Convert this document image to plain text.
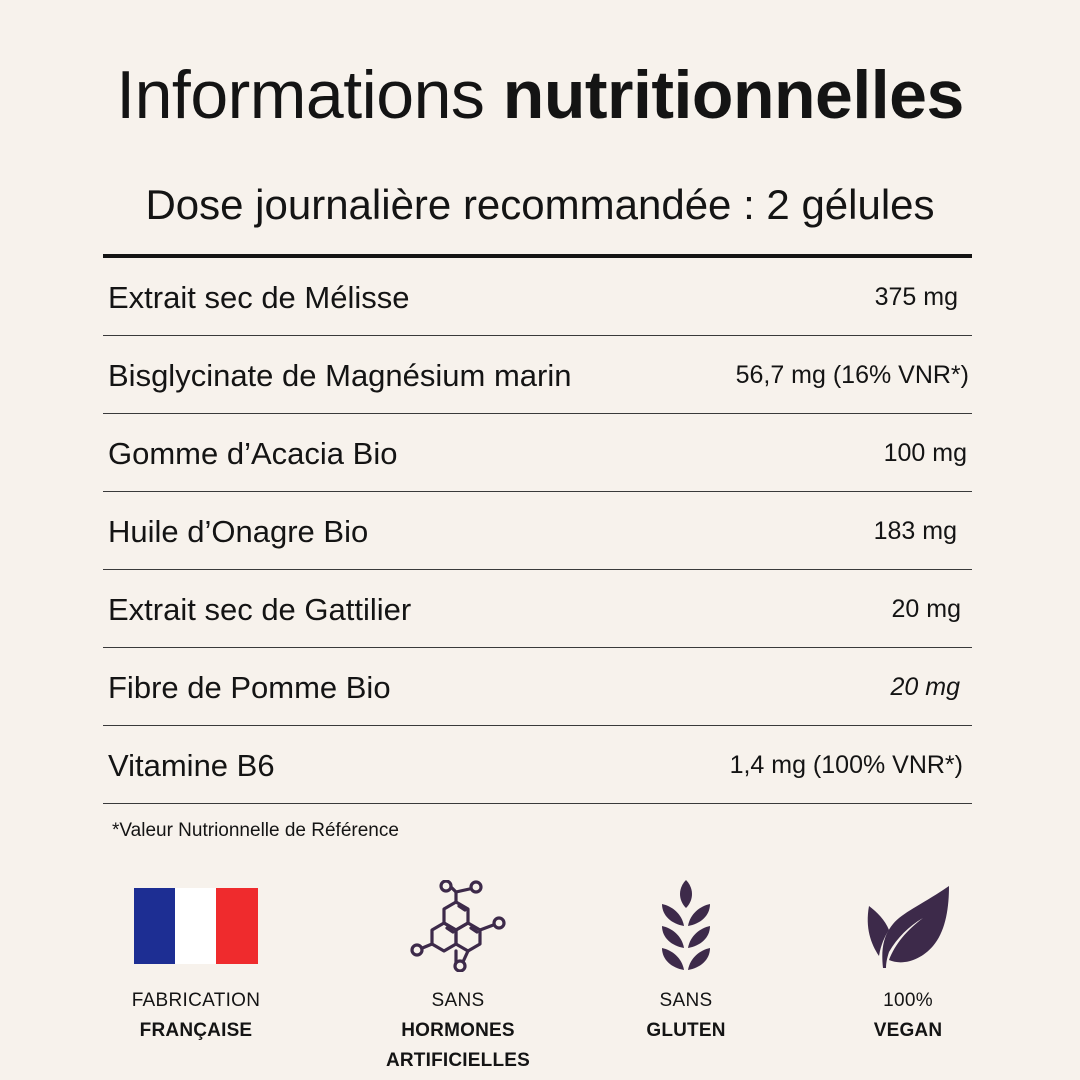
Informations nutritionnelles
Dose journalière recommandée : 2 gélules
Extrait sec de Mélisse	375 mg
Bisglycinate de Magnésium marin	56,7 mg (16% VNR*)
Gomme d’Acacia Bio	100 mg
Huile d’Onagre Bio	183 mg
Extrait sec de Gattilier	20 mg
Fibre de Pomme Bio	20 mg
Vitamine B6	1,4 mg (100% VNR*)
*Valeur Nutrionnelle de Référence
FABRICATION
FRANÇAISE
SANS
HORMONES
ARTIFICIELLES
SANS
GLUTEN
100%
VEGAN
